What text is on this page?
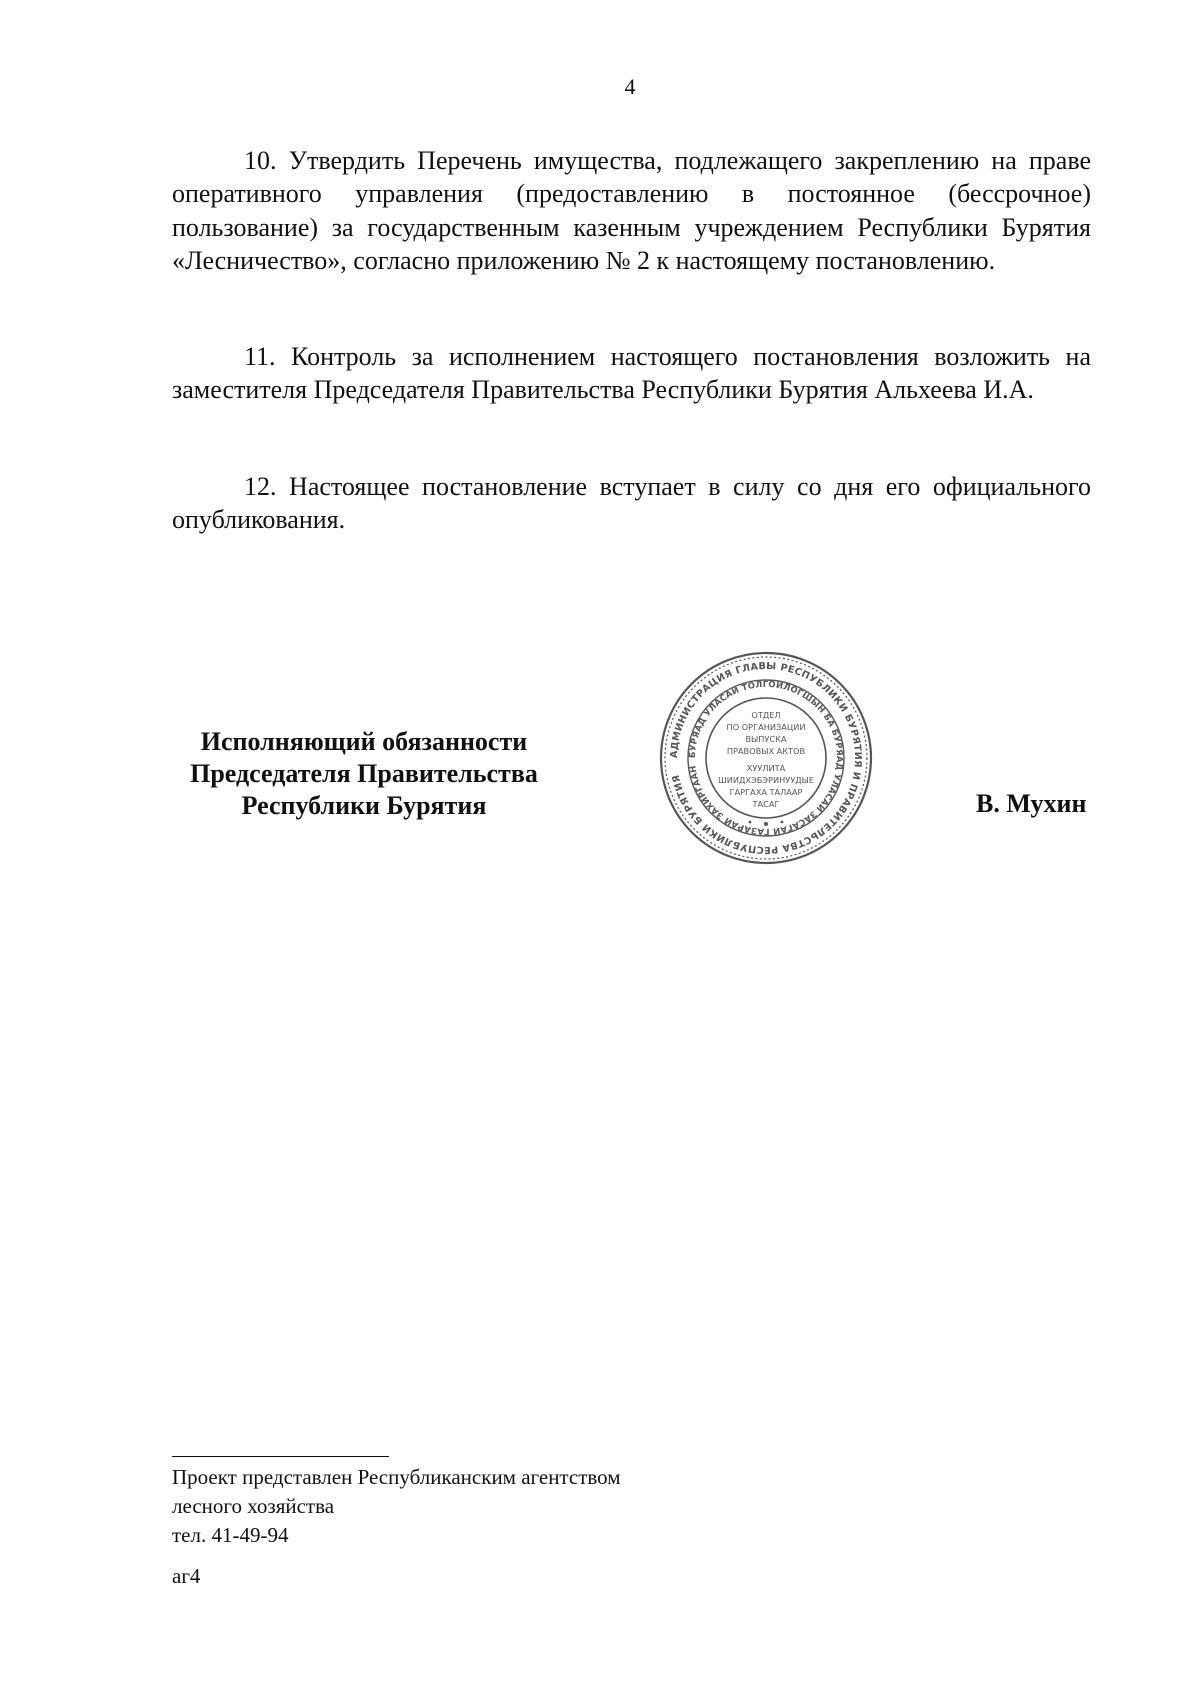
4

10. Утвердить Перечень имущества, подлежащего закреплению на праве оперативного управления (предоставлению в постоянное (бессрочное) пользование) за государственным казенным учреждением Республики Бурятия «Лесничество», согласно приложению № 2 к настоящему постановлению.

11. Контроль за исполнением настоящего постановления возложить на заместителя Председателя Правительства Республики Бурятия Альхеева И.А.

12. Настоящее постановление вступает в силу со дня его официального опубликования.

Исполняющий обязанности
Председателя Правительства
Республики Бурятия
АДМИНИСТРАЦИЯ ГЛАВЫ РЕСПУБЛИКИ БУРЯТИЯ И ПРАВИТЕЛЬСТВА РЕСПУБЛИКИ БУРЯТИЯ
БУРЯАД УЛАСАЙ ТОЛГОЙЛОГШЫН БА БУРЯАД УЛАСАЙ ЗАСАГАЙ ГАЗАРАЙ ЗАХИРГААН
ОТДЕЛ
ПО ОРГАНИЗАЦИИ
ВЫПУСКА
ПРАВОВЫХ АКТОВ
ХУУЛИТА
ШИИДХЭБЭРИНУУДЫЕ
ГАРГАХА ТАЛААР
ТАСАГ	В. Мухин
Проект представлен Республиканским агентством
лесного хозяйства
тел. 41-49-94
аг4
